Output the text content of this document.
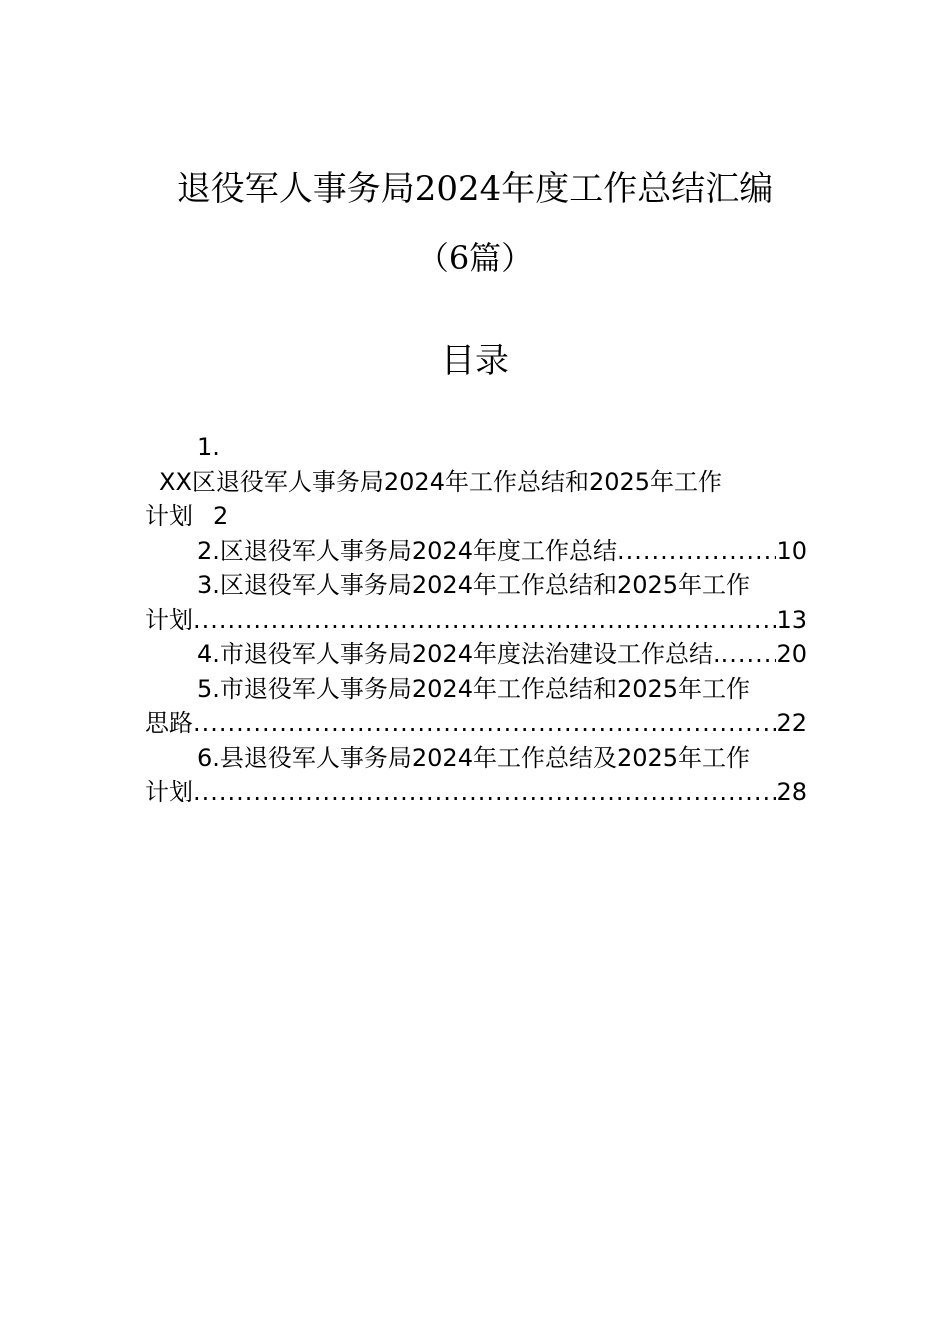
退役军人事务局2024年度工作总结汇编
（6篇）
目录
1.
XX区退役军人事务局2024年工作总结和2025年工作
计划 2
2.区退役军人事务局2024年度工作总结 .....	10
3.区退役军人事务局2024年工作总结和2025年工作
计划 .....	13
4.市退役军人事务局2024年度法治建设工作总结. ..... 20
5.市退役军人事务局2024年工作总结和2025年工作
思路 .....	22
6.县退役军人事务局2024年工作总结及2025年工作
计划 .....	28
